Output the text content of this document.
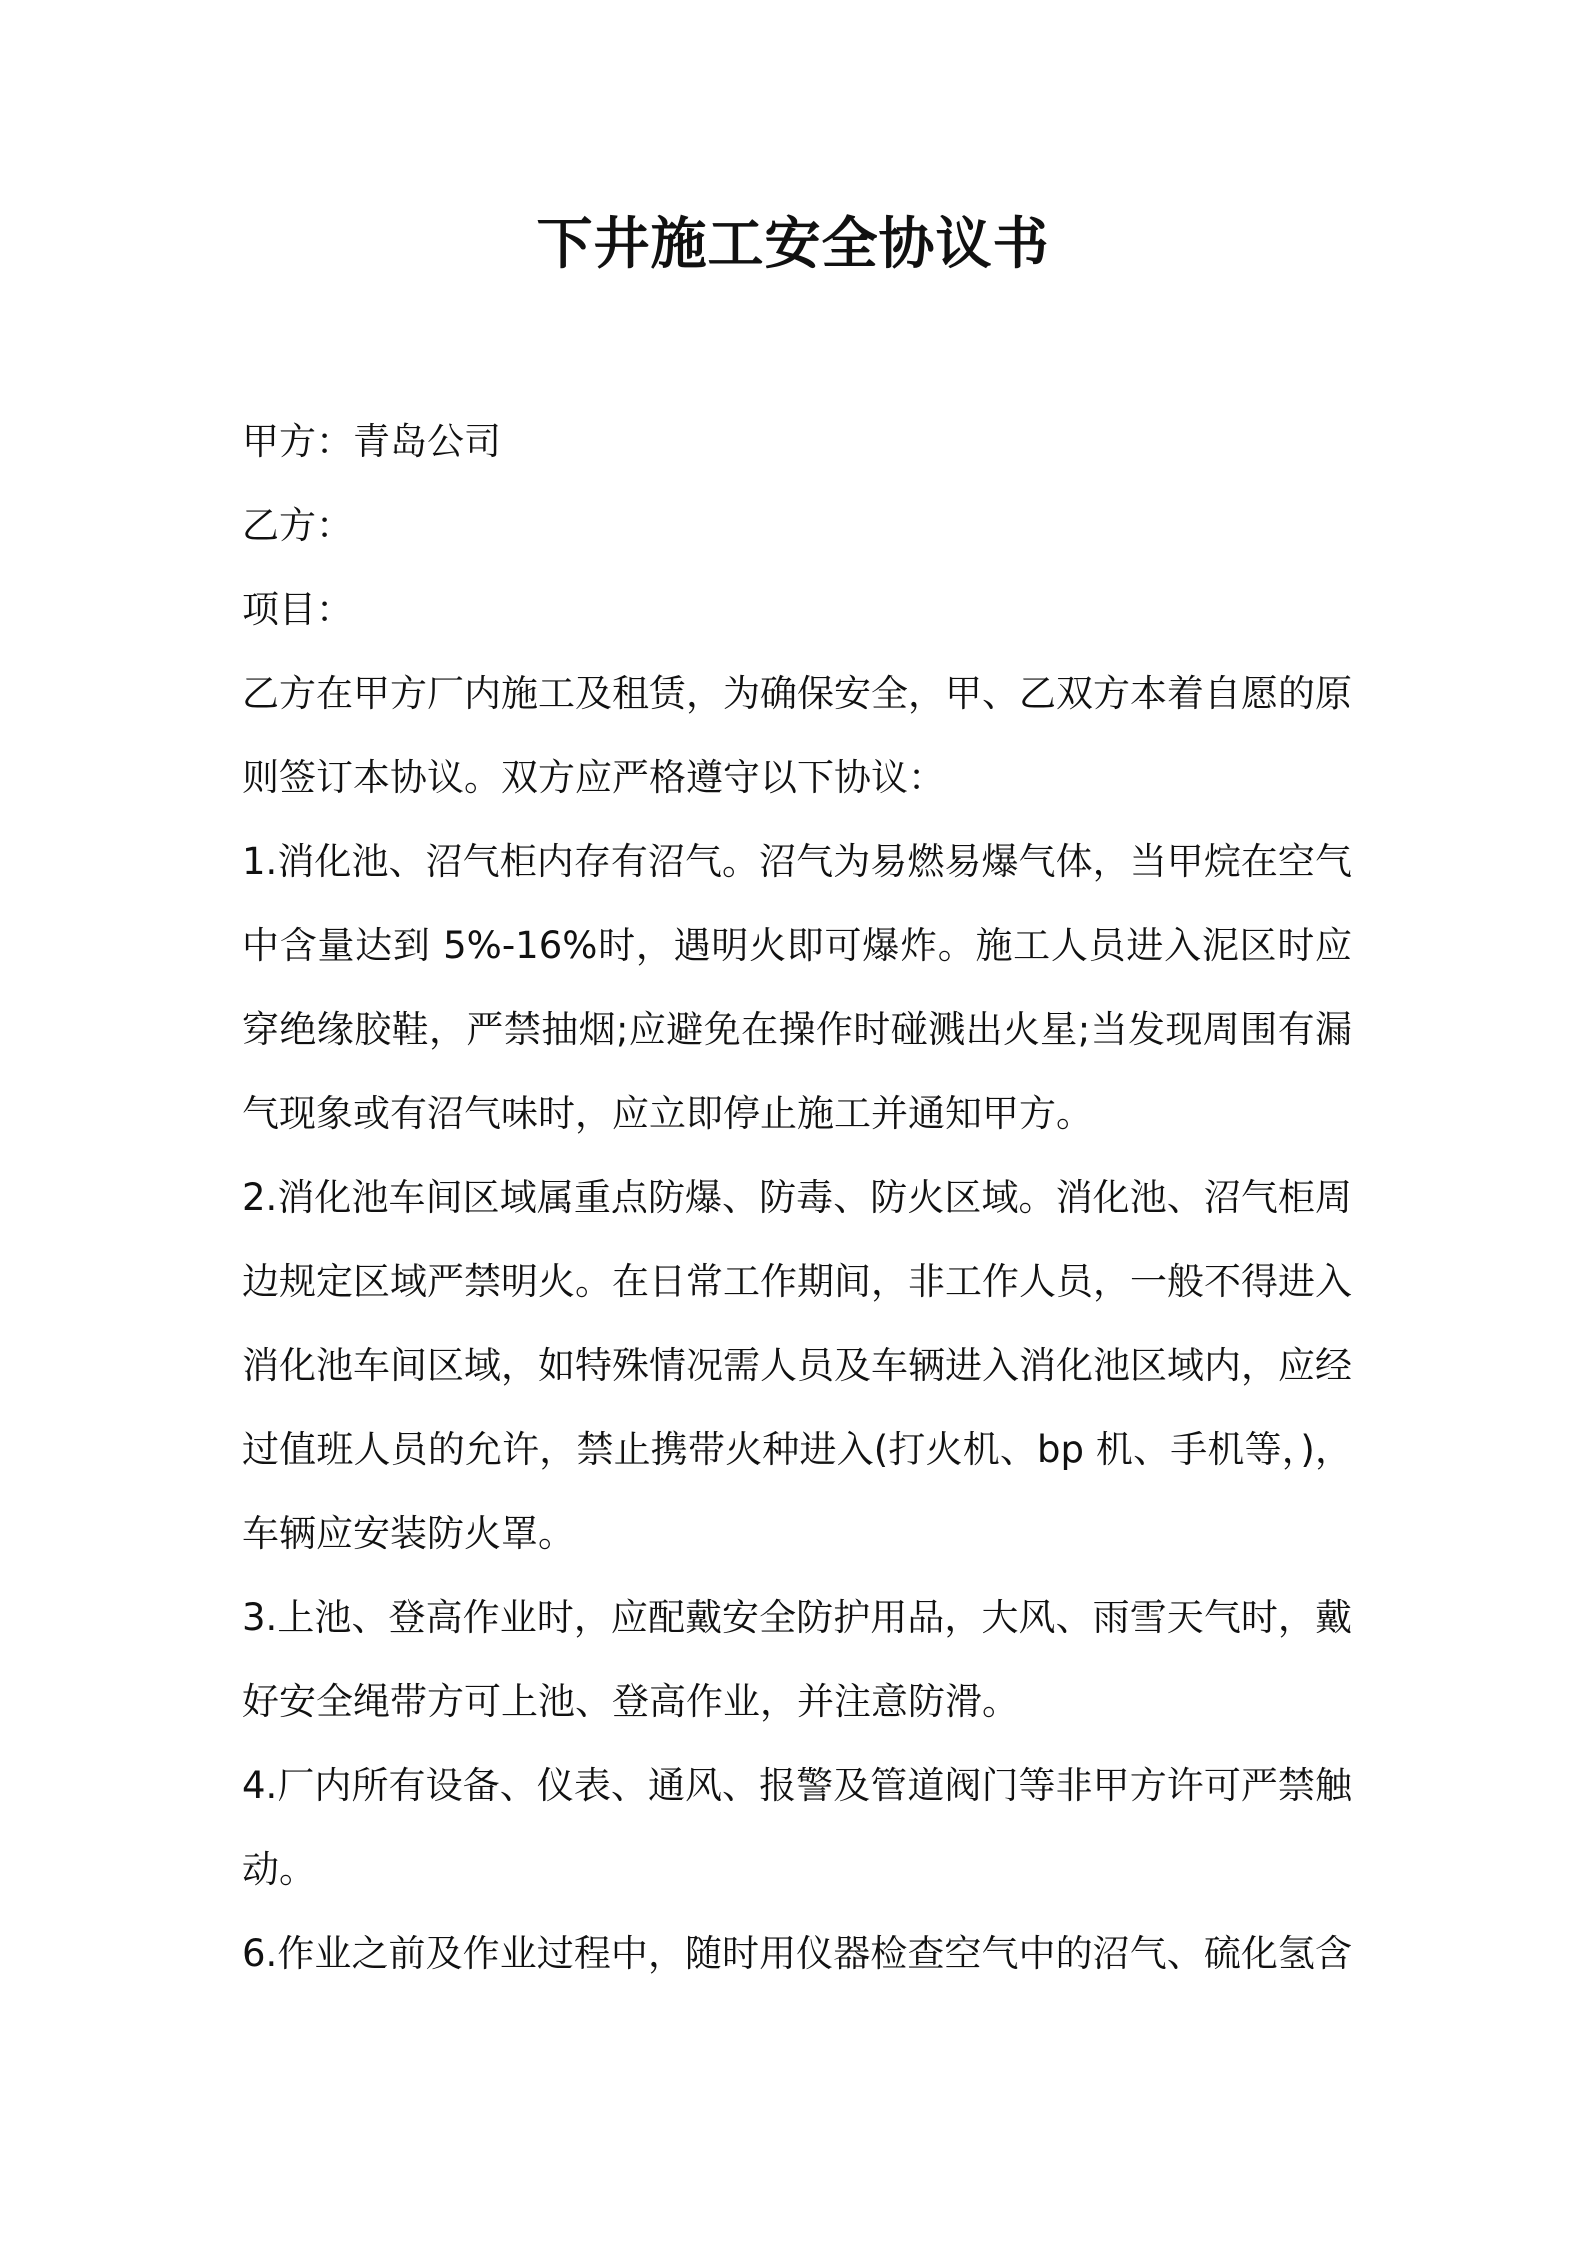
下井施工安全协议书

甲方：青岛公司

乙方：

项目：

乙方在甲方厂内施工及租赁，为确保安全，甲、乙双方本着自愿的原

则签订本协议。双方应严格遵守以下协议：

1.消化池、沼气柜内存有沼气。沼气为易燃易爆气体，当甲烷在空气

中含量达到 5%-16%时，遇明火即可爆炸。施工人员进入泥区时应

穿绝缘胶鞋，严禁抽烟;应避免在操作时碰溅出火星;当发现周围有漏

气现象或有沼气味时，应立即停止施工并通知甲方。

2.消化池车间区域属重点防爆、防毒、防火区域。消化池、沼气柜周

边规定区域严禁明火。在日常工作期间，非工作人员，一般不得进入

消化池车间区域，如特殊情况需人员及车辆进入消化池区域内，应经

过值班人员的允许，禁止携带火种进入(打火机、bp 机、手机等，)，

车辆应安装防火罩。

3.上池、登高作业时，应配戴安全防护用品，大风、雨雪天气时，戴

好安全绳带方可上池、登高作业，并注意防滑。

4.厂内所有设备、仪表、通风、报警及管道阀门等非甲方许可严禁触

动。

6.作业之前及作业过程中，随时用仪器检查空气中的沼气、硫化氢含
